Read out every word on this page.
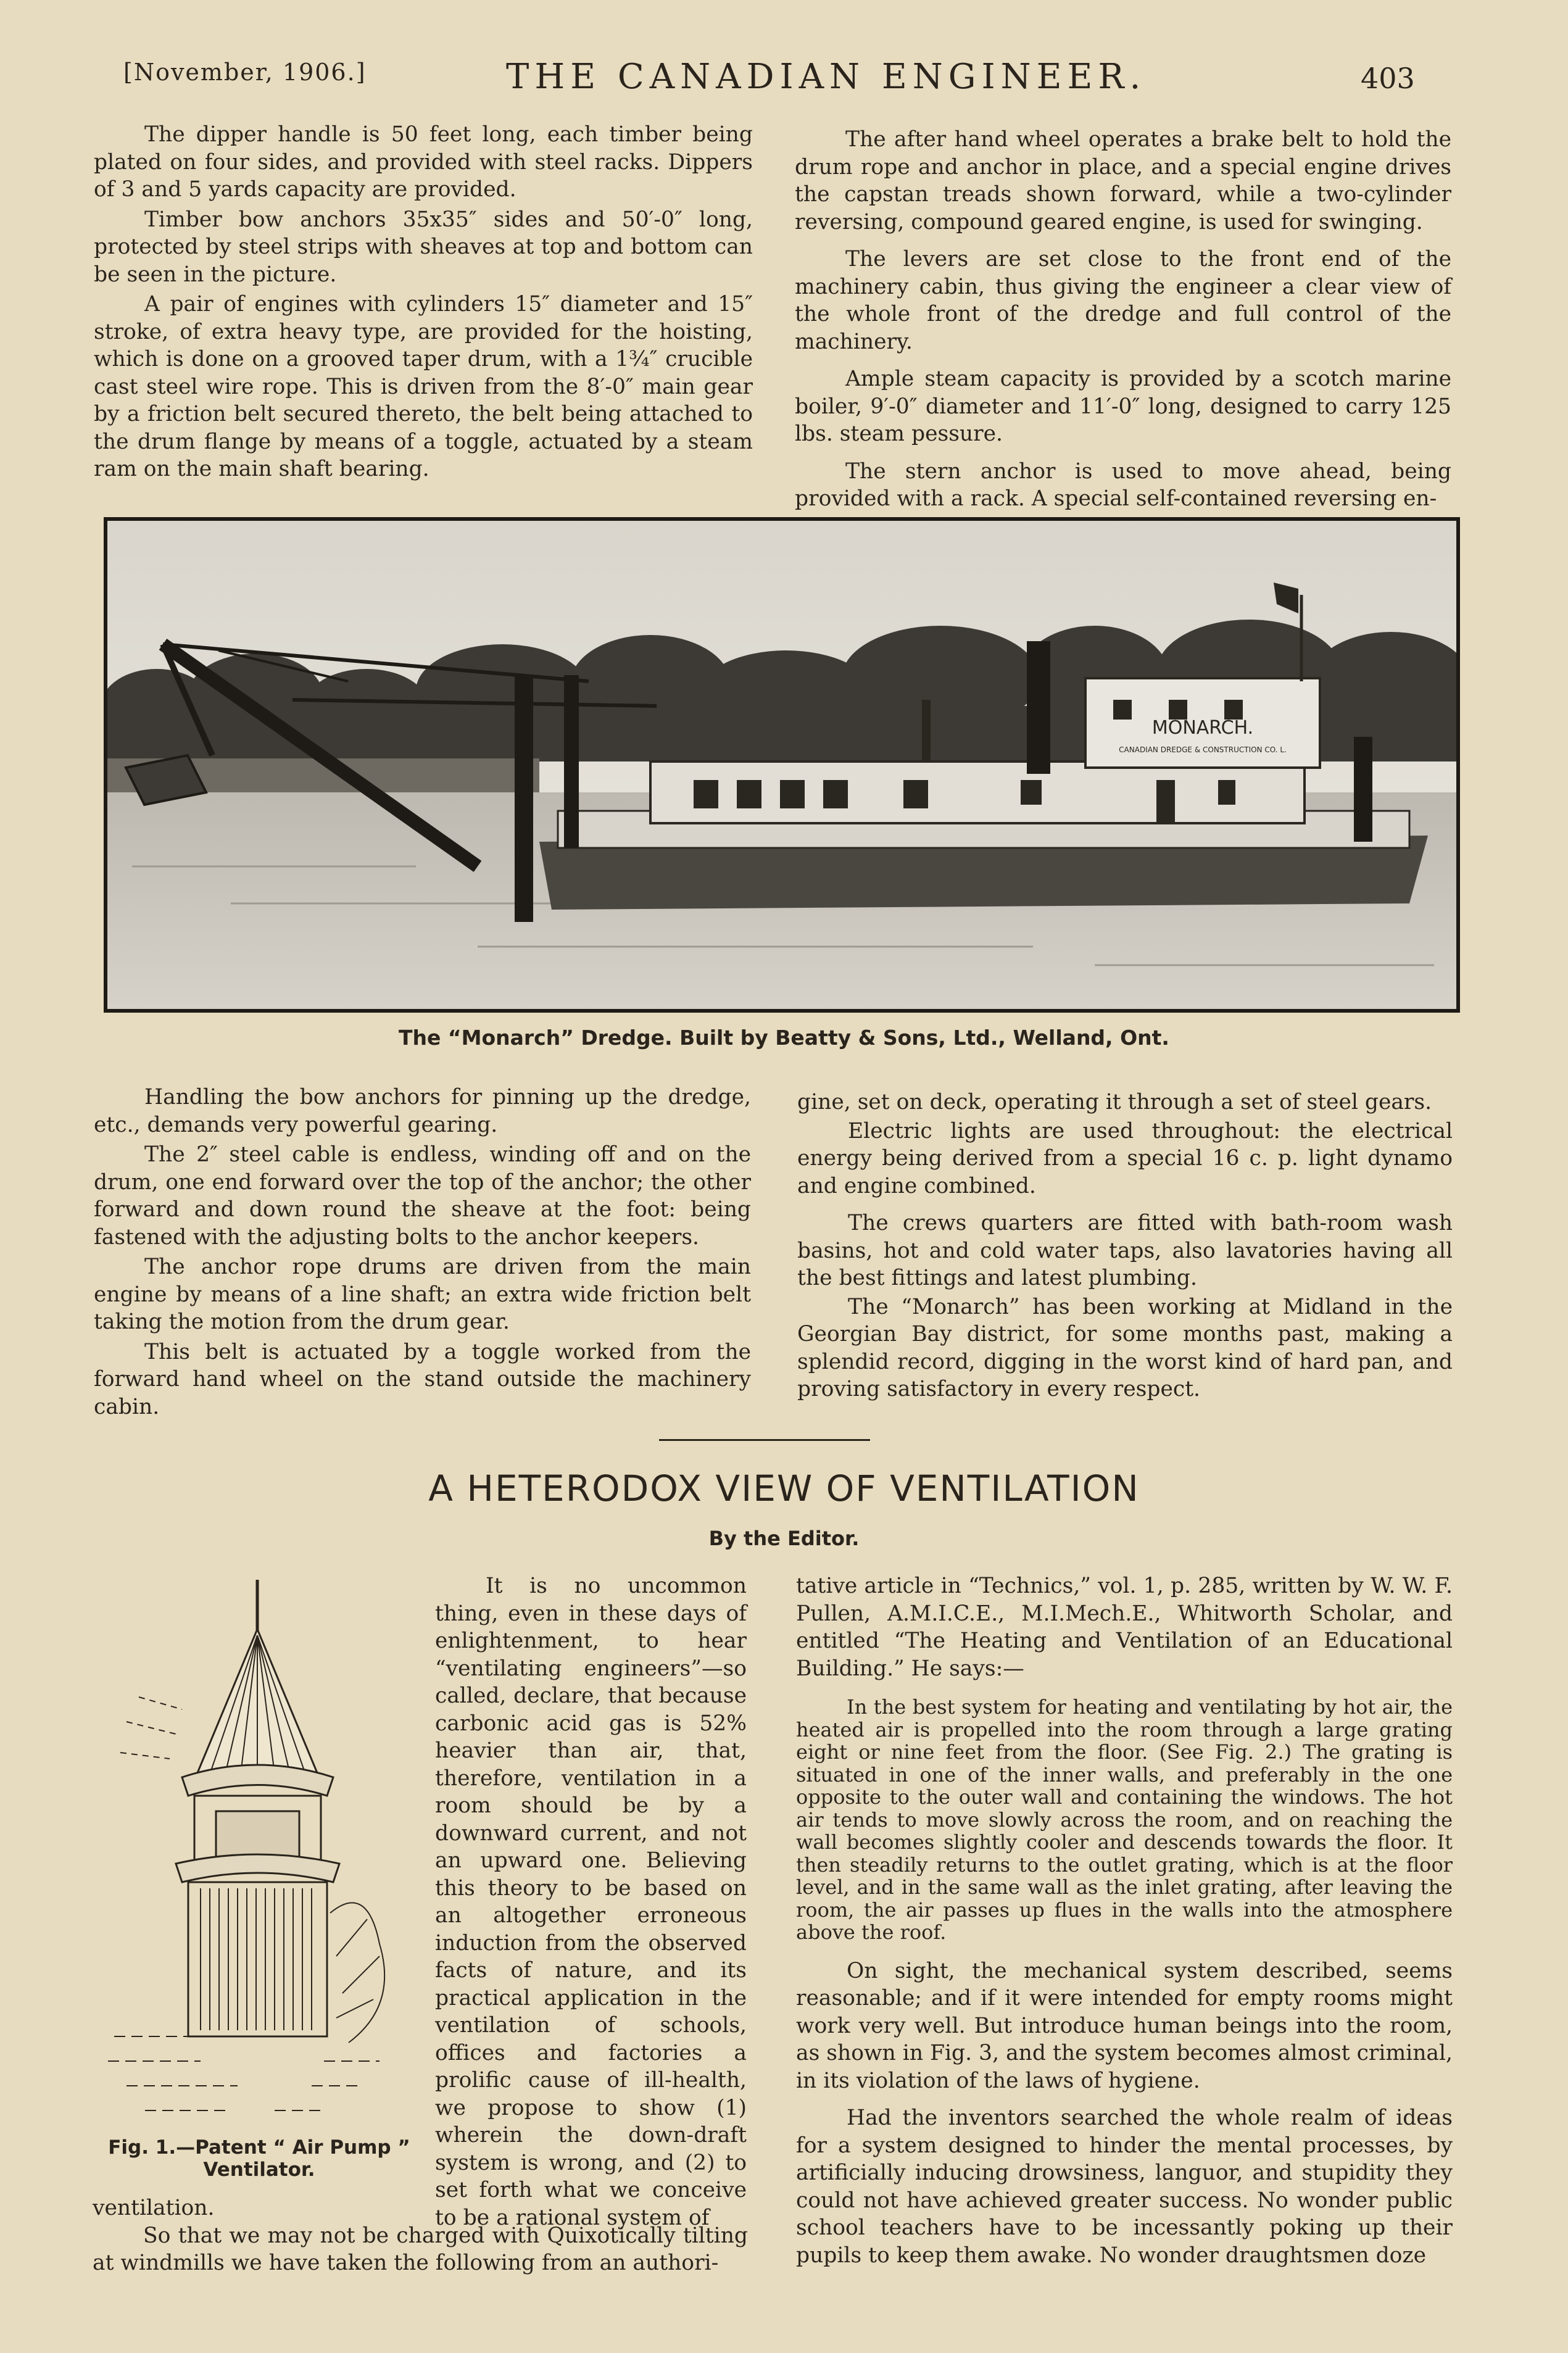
[November, 1906.]	THE CANADIAN ENGINEER.	403

The dipper handle is 50 feet long, each timber being plated on four sides, and provided with steel racks. Dippers of 3 and 5 yards capacity are provided.

Timber bow anchors 35x35″ sides and 50′-0″ long, protected by steel strips with sheaves at top and bottom can be seen in the picture.

A pair of engines with cylinders 15″ diameter and 15″ stroke, of extra heavy type, are provided for the hoisting, which is done on a grooved taper drum, with a 1¾″ crucible cast steel wire rope. This is driven from the 8′-0″ main gear by a friction belt secured thereto, the belt being attached to the drum flange by means of a toggle, actuated by a steam ram on the main shaft bearing.

The after hand wheel operates a brake belt to hold the drum rope and anchor in place, and a special engine drives the capstan treads shown forward, while a two-cylinder reversing, compound geared engine, is used for swinging.

The levers are set close to the front end of the machinery cabin, thus giving the engineer a clear view of the whole front of the dredge and full control of the machinery.

Ample steam capacity is provided by a scotch marine boiler, 9′-0″ diameter and 11′-0″ long, designed to carry 125 lbs. steam pessure.

The stern anchor is used to move ahead, being provided with a rack. A special self-contained reversing en-

MONARCH.
CANADIAN DREDGE & CONSTRUCTION CO. L.
The “Monarch” Dredge. Built by Beatty & Sons, Ltd., Welland, Ont.

Handling the bow anchors for pinning up the dredge, etc., demands very powerful gearing.

The 2″ steel cable is endless, winding off and on the drum, one end forward over the top of the anchor; the other forward and down round the sheave at the foot: being fastened with the adjusting bolts to the anchor keepers.

The anchor rope drums are driven from the main engine by means of a line shaft; an extra wide friction belt taking the motion from the drum gear.

This belt is actuated by a toggle worked from the forward hand wheel on the stand outside the machinery cabin.

gine, set on deck, operating it through a set of steel gears.

Electric lights are used throughout: the electrical energy being derived from a special 16 c. p. light dynamo and engine combined.

The crews quarters are fitted with bath-room wash basins, hot and cold water taps, also lavatories having all the best fittings and latest plumbing.

The “Monarch” has been working at Midland in the Georgian Bay district, for some months past, making a splendid record, digging in the worst kind of hard pan, and proving satisfactory in every respect.

A HETERODOX VIEW OF VENTILATION
By the Editor.

It is no uncommon thing, even in these days of enlightenment, to hear “ventilating engineers”—so called, declare, that because carbonic acid gas is 52% heavier than air, that, therefore, ventilation in a room should be by a downward current, and not an upward one. Believing this theory to be based on an altogether erroneous induction from the observed facts of nature, and its practical application in the ventilation of schools, offices and factories a prolific cause of ill-health, we propose to show (1) wherein the down-draft system is wrong, and (2) to set forth what we conceive to be a rational system of

Fig. 1.—Patent “ Air Pump ”
Ventilator.

ventilation.

So that we may not be charged with Quixotically tilting at windmills we have taken the following from an authori-

tative article in “Technics,” vol. 1, p. 285, written by W. W. F. Pullen, A.M.I.C.E., M.I.Mech.E., Whitworth Scholar, and entitled “The Heating and Ventilation of an Educational Building.” He says:—

In the best system for heating and ventilating by hot air, the heated air is propelled into the room through a large grating eight or nine feet from the floor. (See Fig. 2.) The grating is situated in one of the inner walls, and preferably in the one opposite to the outer wall and containing the windows. The hot air tends to move slowly across the room, and on reaching the wall becomes slightly cooler and descends towards the floor. It then steadily returns to the outlet grating, which is at the floor level, and in the same wall as the inlet grating, after leaving the room, the air passes up flues in the walls into the atmosphere above the roof.

On sight, the mechanical system described, seems reasonable; and if it were intended for empty rooms might work very well. But introduce human beings into the room, as shown in Fig. 3, and the system becomes almost criminal, in its violation of the laws of hygiene.

Had the inventors searched the whole realm of ideas for a system designed to hinder the mental processes, by artificially inducing drowsiness, languor, and stupidity they could not have achieved greater success. No wonder public school teachers have to be incessantly poking up their pupils to keep them awake. No wonder draughtsmen doze
